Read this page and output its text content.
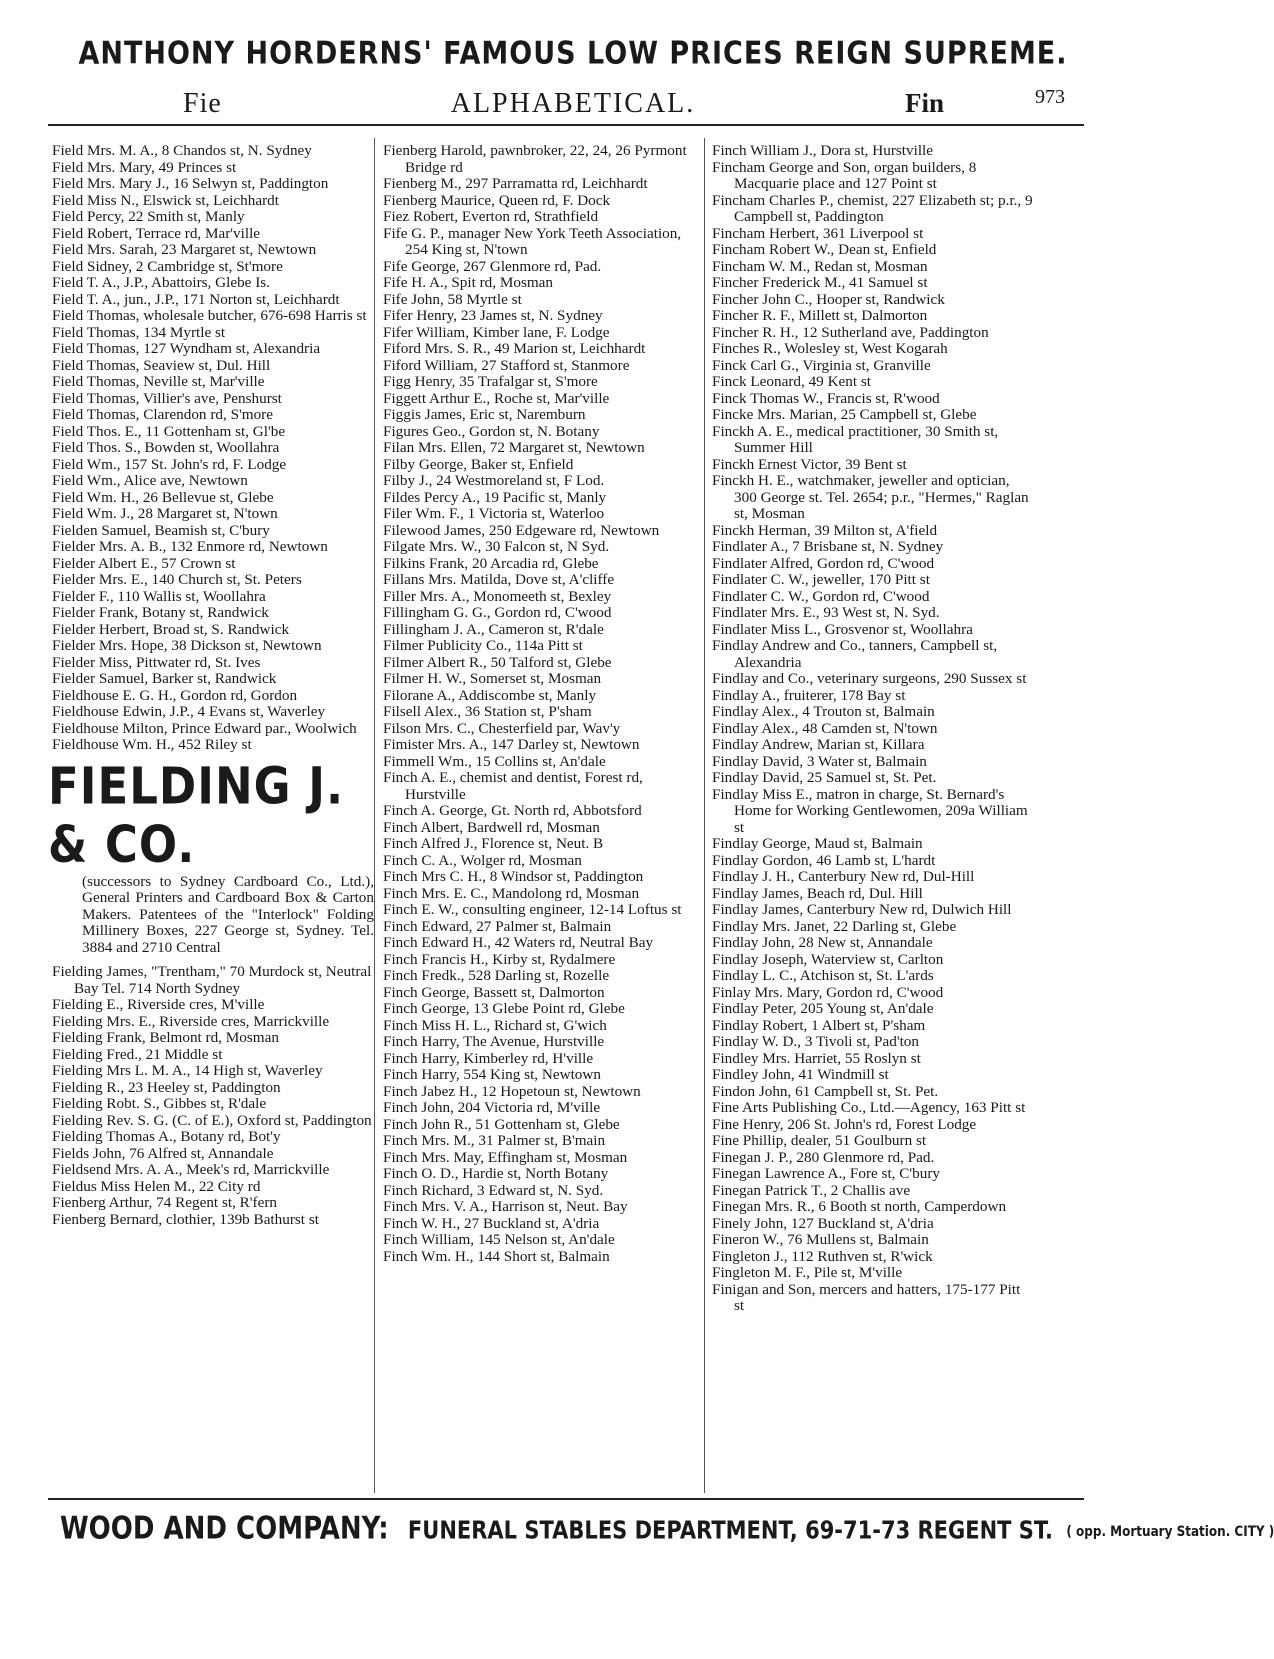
ANTHONY HORDERNS' FAMOUS LOW PRICES REIGN SUPREME.
Fie	ALPHABETICAL.	Fin	973

Field Mrs. M. A., 8 Chandos st, N. Sydney

Field Mrs. Mary, 49 Princes st

Field Mrs. Mary J., 16 Selwyn st, Paddington

Field Miss N., Elswick st, Leichhardt

Field Percy, 22 Smith st, Manly

Field Robert, Terrace rd, Mar'ville

Field Mrs. Sarah, 23 Margaret st, Newtown

Field Sidney, 2 Cambridge st, St'more

Field T. A., J.P., Abattoirs, Glebe Is.

Field T. A., jun., J.P., 171 Norton st, Leichhardt

Field Thomas, wholesale butcher, 676-698 Harris st

Field Thomas, 134 Myrtle st

Field Thomas, 127 Wyndham st, Alexandria

Field Thomas, Seaview st, Dul. Hill

Field Thomas, Neville st, Mar'ville

Field Thomas, Villier's ave, Penshurst

Field Thomas, Clarendon rd, S'more

Field Thos. E., 11 Gottenham st, Gl'be

Field Thos. S., Bowden st, Woollahra

Field Wm., 157 St. John's rd, F. Lodge

Field Wm., Alice ave, Newtown

Field Wm. H., 26 Bellevue st, Glebe

Field Wm. J., 28 Margaret st, N'town

Fielden Samuel, Beamish st, C'bury

Fielder Mrs. A. B., 132 Enmore rd, Newtown

Fielder Albert E., 57 Crown st

Fielder Mrs. E., 140 Church st, St. Peters

Fielder F., 110 Wallis st, Woollahra

Fielder Frank, Botany st, Randwick

Fielder Herbert, Broad st, S. Randwick

Fielder Mrs. Hope, 38 Dickson st, Newtown

Fielder Miss, Pittwater rd, St. Ives

Fielder Samuel, Barker st, Randwick

Fieldhouse E. G. H., Gordon rd, Gordon

Fieldhouse Edwin, J.P., 4 Evans st, Waverley

Fieldhouse Milton, Prince Edward par., Woolwich

Fieldhouse Wm. H., 452 Riley st

FIELDING J. & CO.

(successors to Sydney Cardboard Co., Ltd.), General Printers and Cardboard Box & Carton Makers. Patentees of the "Interlock" Folding Millinery Boxes, 227 George st, Sydney. Tel. 3884 and 2710 Central

Fielding James, "Trentham," 70 Murdock st, Neutral Bay Tel. 714 North Sydney

Fielding E., Riverside cres, M'ville

Fielding Mrs. E., Riverside cres, Marrickville

Fielding Frank, Belmont rd, Mosman

Fielding Fred., 21 Middle st

Fielding Mrs L. M. A., 14 High st, Waverley

Fielding R., 23 Heeley st, Paddington

Fielding Robt. S., Gibbes st, R'dale

Fielding Rev. S. G. (C. of E.), Oxford st, Paddington

Fielding Thomas A., Botany rd, Bot'y

Fields John, 76 Alfred st, Annandale

Fieldsend Mrs. A. A., Meek's rd, Marrickville

Fieldus Miss Helen M., 22 City rd

Fienberg Arthur, 74 Regent st, R'fern

Fienberg Bernard, clothier, 139b Bathurst st

Fienberg Harold, pawnbroker, 22, 24, 26 Pyrmont Bridge rd

Fienberg M., 297 Parramatta rd, Leichhardt

Fienberg Maurice, Queen rd, F. Dock

Fiez Robert, Everton rd, Strathfield

Fife G. P., manager New York Teeth Association, 254 King st, N'town

Fife George, 267 Glenmore rd, Pad.

Fife H. A., Spit rd, Mosman

Fife John, 58 Myrtle st

Fifer Henry, 23 James st, N. Sydney

Fifer William, Kimber lane, F. Lodge

Fiford Mrs. S. R., 49 Marion st, Leichhardt

Fiford William, 27 Stafford st, Stanmore

Figg Henry, 35 Trafalgar st, S'more

Figgett Arthur E., Roche st, Mar'ville

Figgis James, Eric st, Naremburn

Figures Geo., Gordon st, N. Botany

Filan Mrs. Ellen, 72 Margaret st, Newtown

Filby George, Baker st, Enfield

Filby J., 24 Westmoreland st, F Lod.

Fildes Percy A., 19 Pacific st, Manly

Filer Wm. F., 1 Victoria st, Waterloo

Filewood James, 250 Edgeware rd, Newtown

Filgate Mrs. W., 30 Falcon st, N Syd.

Filkins Frank, 20 Arcadia rd, Glebe

Fillans Mrs. Matilda, Dove st, A'cliffe

Filler Mrs. A., Monomeeth st, Bexley

Fillingham G. G., Gordon rd, C'wood

Fillingham J. A., Cameron st, R'dale

Filmer Publicity Co., 114a Pitt st

Filmer Albert R., 50 Talford st, Glebe

Filmer H. W., Somerset st, Mosman

Filorane A., Addiscombe st, Manly

Filsell Alex., 36 Station st, P'sham

Filson Mrs. C., Chesterfield par, Wav'y

Fimister Mrs. A., 147 Darley st, Newtown

Fimmell Wm., 15 Collins st, An'dale

Finch A. E., chemist and dentist, Forest rd, Hurstville

Finch A. George, Gt. North rd, Abbotsford

Finch Albert, Bardwell rd, Mosman

Finch Alfred J., Florence st, Neut. B

Finch C. A., Wolger rd, Mosman

Finch Mrs C. H., 8 Windsor st, Paddington

Finch Mrs. E. C., Mandolong rd, Mosman

Finch E. W., consulting engineer, 12-14 Loftus st

Finch Edward, 27 Palmer st, Balmain

Finch Edward H., 42 Waters rd, Neutral Bay

Finch Francis H., Kirby st, Rydalmere

Finch Fredk., 528 Darling st, Rozelle

Finch George, Bassett st, Dalmorton

Finch George, 13 Glebe Point rd, Glebe

Finch Miss H. L., Richard st, G'wich

Finch Harry, The Avenue, Hurstville

Finch Harry, Kimberley rd, H'ville

Finch Harry, 554 King st, Newtown

Finch Jabez H., 12 Hopetoun st, Newtown

Finch John, 204 Victoria rd, M'ville

Finch John R., 51 Gottenham st, Glebe

Finch Mrs. M., 31 Palmer st, B'main

Finch Mrs. May, Effingham st, Mosman

Finch O. D., Hardie st, North Botany

Finch Richard, 3 Edward st, N. Syd.

Finch Mrs. V. A., Harrison st, Neut. Bay

Finch W. H., 27 Buckland st, A'dria

Finch William, 145 Nelson st, An'dale

Finch Wm. H., 144 Short st, Balmain

Finch William J., Dora st, Hurstville

Fincham George and Son, organ builders, 8 Macquarie place and 127 Point st

Fincham Charles P., chemist, 227 Elizabeth st; p.r., 9 Campbell st, Paddington

Fincham Herbert, 361 Liverpool st

Fincham Robert W., Dean st, Enfield

Fincham W. M., Redan st, Mosman

Fincher Frederick M., 41 Samuel st

Fincher John C., Hooper st, Randwick

Fincher R. F., Millett st, Dalmorton

Fincher R. H., 12 Sutherland ave, Paddington

Finches R., Wolesley st, West Kogarah

Finck Carl G., Virginia st, Granville

Finck Leonard, 49 Kent st

Finck Thomas W., Francis st, R'wood

Fincke Mrs. Marian, 25 Campbell st, Glebe

Finckh A. E., medical practitioner, 30 Smith st, Summer Hill

Finckh Ernest Victor, 39 Bent st

Finckh H. E., watchmaker, jeweller and optician, 300 George st. Tel. 2654; p.r., "Hermes," Raglan st, Mosman

Finckh Herman, 39 Milton st, A'field

Findlater A., 7 Brisbane st, N. Sydney

Findlater Alfred, Gordon rd, C'wood

Findlater C. W., jeweller, 170 Pitt st

Findlater C. W., Gordon rd, C'wood

Findlater Mrs. E., 93 West st, N. Syd.

Findlater Miss L., Grosvenor st, Woollahra

Findlay Andrew and Co., tanners, Campbell st, Alexandria

Findlay and Co., veterinary surgeons, 290 Sussex st

Findlay A., fruiterer, 178 Bay st

Findlay Alex., 4 Trouton st, Balmain

Findlay Alex., 48 Camden st, N'town

Findlay Andrew, Marian st, Killara

Findlay David, 3 Water st, Balmain

Findlay David, 25 Samuel st, St. Pet.

Findlay Miss E., matron in charge, St. Bernard's Home for Working Gentlewomen, 209a William st

Findlay George, Maud st, Balmain

Findlay Gordon, 46 Lamb st, L'hardt

Findlay J. H., Canterbury New rd, Dul-Hill

Findlay James, Beach rd, Dul. Hill

Findlay James, Canterbury New rd, Dulwich Hill

Findlay Mrs. Janet, 22 Darling st, Glebe

Findlay John, 28 New st, Annandale

Findlay Joseph, Waterview st, Carlton

Findlay L. C., Atchison st, St. L'ards

Finlay Mrs. Mary, Gordon rd, C'wood

Findlay Peter, 205 Young st, An'dale

Findlay Robert, 1 Albert st, P'sham

Findlay W. D., 3 Tivoli st, Pad'ton

Findley Mrs. Harriet, 55 Roslyn st

Findley John, 41 Windmill st

Findon John, 61 Campbell st, St. Pet.

Fine Arts Publishing Co., Ltd.—Agency, 163 Pitt st

Fine Henry, 206 St. John's rd, Forest Lodge

Fine Phillip, dealer, 51 Goulburn st

Finegan J. P., 280 Glenmore rd, Pad.

Finegan Lawrence A., Fore st, C'bury

Finegan Patrick T., 2 Challis ave

Finegan Mrs. R., 6 Booth st north, Camperdown

Finely John, 127 Buckland st, A'dria

Fineron W., 76 Mullens st, Balmain

Fingleton J., 112 Ruthven st, R'wick

Fingleton M. F., Pile st, M'ville

Finigan and Son, mercers and hatters, 175-177 Pitt st

WOOD AND COMPANY: FUNERAL STABLES DEPARTMENT, 69-71-73 REGENT ST. ( opp. Mortuary Station. CITY )
